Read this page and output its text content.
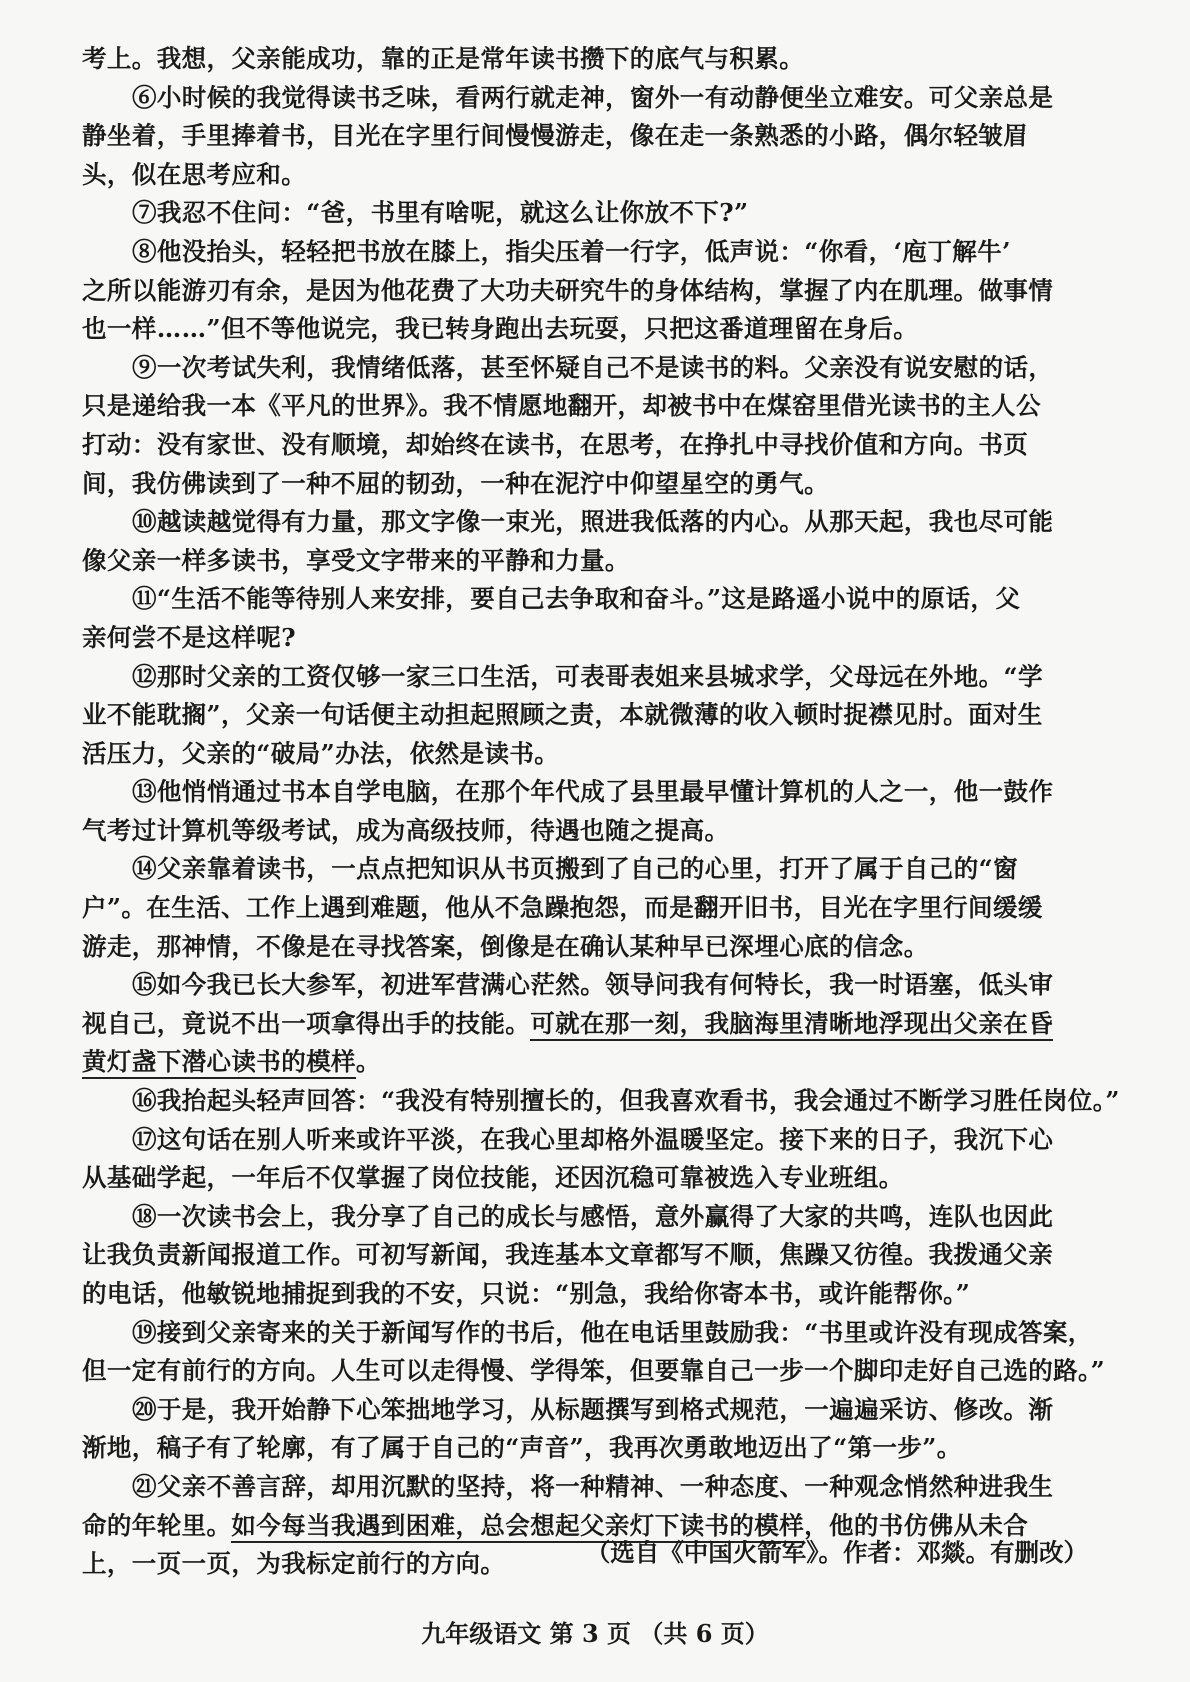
考上。我想，父亲能成功，靠的正是常年读书攒下的底气与积累。
⑥小时候的我觉得读书乏味，看两行就走神，窗外一有动静便坐立难安。可父亲总是
静坐着，手里捧着书，目光在字里行间慢慢游走，像在走一条熟悉的小路，偶尔轻皱眉
头，似在思考应和。
⑦我忍不住问：“爸，书里有啥呢，就这么让你放不下?”
⑧他没抬头，轻轻把书放在膝上，指尖压着一行字，低声说：“你看，‘庖丁解牛’
之所以能游刃有余，是因为他花费了大功夫研究牛的身体结构，掌握了内在肌理。做事情
也一样……”但不等他说完，我已转身跑出去玩耍，只把这番道理留在身后。
⑨一次考试失利，我情绪低落，甚至怀疑自己不是读书的料。父亲没有说安慰的话，
只是递给我一本《平凡的世界》。我不情愿地翻开，却被书中在煤窑里借光读书的主人公
打动：没有家世、没有顺境，却始终在读书，在思考，在挣扎中寻找价值和方向。书页
间，我仿佛读到了一种不屈的韧劲，一种在泥泞中仰望星空的勇气。
⑩越读越觉得有力量，那文字像一束光，照进我低落的内心。从那天起，我也尽可能
像父亲一样多读书，享受文字带来的平静和力量。
⑪“生活不能等待别人来安排，要自己去争取和奋斗。”这是路遥小说中的原话，父
亲何尝不是这样呢?
⑫那时父亲的工资仅够一家三口生活，可表哥表姐来县城求学，父母远在外地。“学
业不能耽搁”，父亲一句话便主动担起照顾之责，本就微薄的收入顿时捉襟见肘。面对生
活压力，父亲的“破局”办法，依然是读书。
⑬他悄悄通过书本自学电脑，在那个年代成了县里最早懂计算机的人之一，他一鼓作
气考过计算机等级考试，成为高级技师，待遇也随之提高。
⑭父亲靠着读书，一点点把知识从书页搬到了自己的心里，打开了属于自己的“窗
户”。在生活、工作上遇到难题，他从不急躁抱怨，而是翻开旧书，目光在字里行间缓缓
游走，那神情，不像是在寻找答案，倒像是在确认某种早已深埋心底的信念。
⑮如今我已长大参军，初进军营满心茫然。领导问我有何特长，我一时语塞，低头审
视自己，竟说不出一项拿得出手的技能。可就在那一刻，我脑海里清晰地浮现出父亲在昏
黄灯盏下潜心读书的模样。
⑯我抬起头轻声回答：“我没有特别擅长的，但我喜欢看书，我会通过不断学习胜任岗位。”
⑰这句话在别人听来或许平淡，在我心里却格外温暖坚定。接下来的日子，我沉下心
从基础学起，一年后不仅掌握了岗位技能，还因沉稳可靠被选入专业班组。
⑱一次读书会上，我分享了自己的成长与感悟，意外赢得了大家的共鸣，连队也因此
让我负责新闻报道工作。可初写新闻，我连基本文章都写不顺，焦躁又彷徨。我拨通父亲
的电话，他敏锐地捕捉到我的不安，只说：“别急，我给你寄本书，或许能帮你。”
⑲接到父亲寄来的关于新闻写作的书后，他在电话里鼓励我：“书里或许没有现成答案，
但一定有前行的方向。人生可以走得慢、学得笨，但要靠自己一步一个脚印走好自己选的路。”
⑳于是，我开始静下心笨拙地学习，从标题撰写到格式规范，一遍遍采访、修改。渐
渐地，稿子有了轮廓，有了属于自己的“声音”，我再次勇敢地迈出了“第一步”。
㉑父亲不善言辞，却用沉默的坚持，将一种精神、一种态度、一种观念悄然种进我生
命的年轮里。如今每当我遇到困难，总会想起父亲灯下读书的模样，他的书仿佛从未合
上，一页一页，为我标定前行的方向。	（选自《中国火箭军》。作者：邓燚。有删改）
九年级语文 第 3 页 （共 6 页）
